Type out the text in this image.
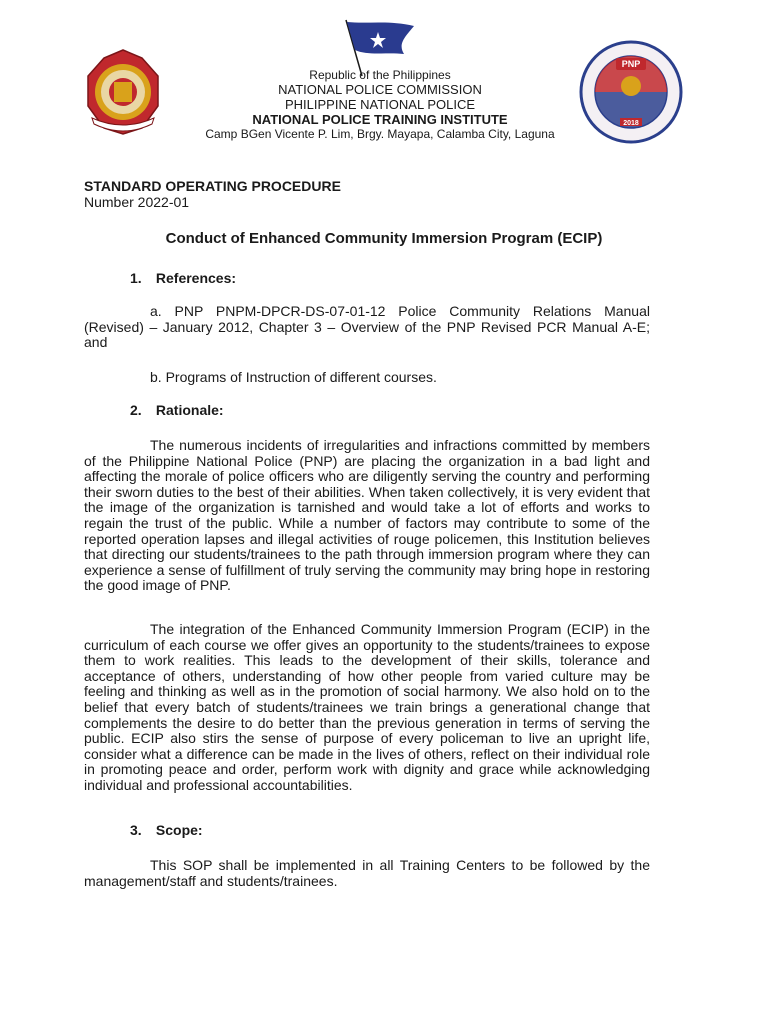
PNP
2018
Republic of the Philippines
NATIONAL POLICE COMMISSION
PHILIPPINE NATIONAL POLICE
NATIONAL POLICE TRAINING INSTITUTE
Camp BGen Vicente P. Lim, Brgy. Mayapa, Calamba City, Laguna
STANDARD OPERATING PROCEDURE
Number 2022-01
Conduct of Enhanced Community Immersion Program (ECIP)
1. References:

a. PNP PNPM-DPCR-DS-07-01-12 Police Community Relations Manual (Revised) – January 2012, Chapter 3 – Overview of the PNP Revised PCR Manual A-E; and

b. Programs of Instruction of different courses.

2. Rationale:

The numerous incidents of irregularities and infractions committed by members of the Philippine National Police (PNP) are placing the organization in a bad light and affecting the morale of police officers who are diligently serving the country and performing their sworn duties to the best of their abilities. When taken collectively, it is very evident that the image of the organization is tarnished and would take a lot of efforts and works to regain the trust of the public. While a number of factors may contribute to some of the reported operation lapses and illegal activities of rouge policemen, this Institution believes that directing our students/trainees to the path through immersion program where they can experience a sense of fulfillment of truly serving the community may bring hope in restoring the good image of PNP.

The integration of the Enhanced Community Immersion Program (ECIP) in the curriculum of each course we offer gives an opportunity to the students/trainees to expose them to work realities. This leads to the development of their skills, tolerance and acceptance of others, understanding of how other people from varied culture may be feeling and thinking as well as in the promotion of social harmony. We also hold on to the belief that every batch of students/trainees we train brings a generational change that complements the desire to do better than the previous generation in terms of serving the public. ECIP also stirs the sense of purpose of every policeman to live an upright life, consider what a difference can be made in the lives of others, reflect on their individual role in promoting peace and order, perform work with dignity and grace while acknowledging individual and professional accountabilities.

3. Scope:

This SOP shall be implemented in all Training Centers to be followed by the management/staff and students/trainees.
